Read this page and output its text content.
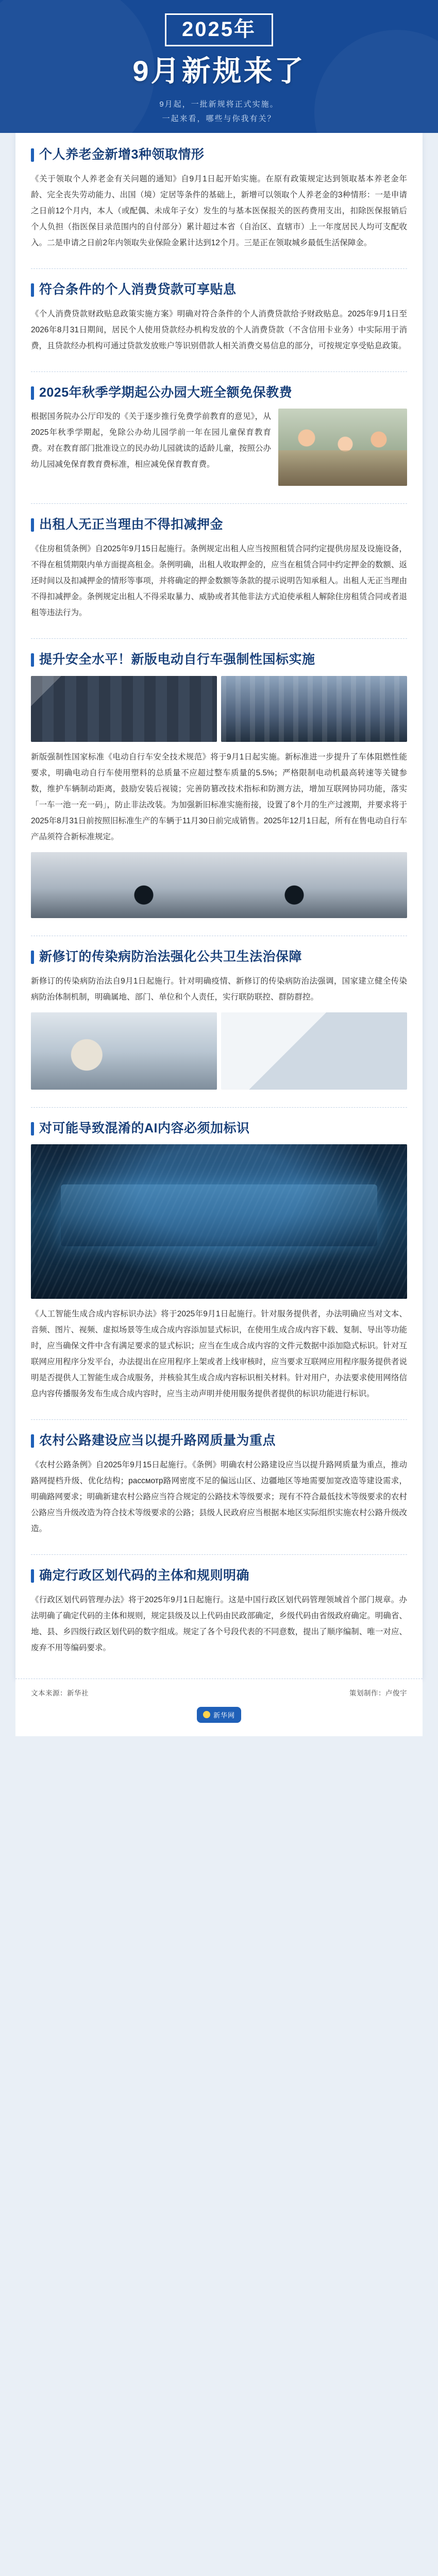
2025年
9月新规来了
9月起，一批新规将正式实施。
一起来看，哪些与你我有关？
个人养老金新增3种领取情形

《关于领取个人养老金有关问题的通知》自9月1日起开始实施。在原有政策规定达到领取基本养老金年龄、完全丧失劳动能力、出国（境）定居等条件的基础上，新增可以领取个人养老金的3种情形：一是申请之日前12个月内，本人（或配偶、未成年子女）发生的与基本医保报关的医药费用支出，扣除医保报销后个人负担（指医保目录范围内的自付部分）累计超过本省（自治区、直辖市）上一年度居民人均可支配收入。二是申请之日前2年内领取失业保险金累计达到12个月。三是正在领取城乡最低生活保障金。

符合条件的个人消费贷款可享贴息

《个人消费贷款财政贴息政策实施方案》明确对符合条件的个人消费贷款给予财政贴息。2025年9月1日至2026年8月31日期间，居民个人使用贷款经办机构发放的个人消费贷款（不含信用卡业务）中实际用于消费，且贷款经办机构可通过贷款发放账户等识别借款人相关消费交易信息的部分，可按规定享受贴息政策。

2025年秋季学期起公办园大班全额免保教费

根据国务院办公厅印发的《关于逐步推行免费学前教育的意见》，从2025年秋季学期起，免除公办幼儿园学前一年在园儿童保育教育费。对在教育部门批准设立的民办幼儿园就读的适龄儿童，按照公办幼儿园减免保育教育费标准，相应减免保育教育费。

出租人无正当理由不得扣减押金

《住房租赁条例》自2025年9月15日起施行。条例规定出租人应当按照租赁合同约定提供房屋及设施设备，不得在租赁期限内单方面提高租金。条例明确，出租人收取押金的，应当在租赁合同中约定押金的数额、返还时间以及扣减押金的情形等事项，并将确定的押金数额等条款的提示说明告知承租人。出租人无正当理由不得扣减押金。条例规定出租人不得采取暴力、威胁或者其他非法方式迫使承租人解除住房租赁合同或者退租等违法行为。

提升安全水平！新版电动自行车强制性国标实施

新版强制性国家标准《电动自行车安全技术规范》将于9月1日起实施。新标准进一步提升了车体阻燃性能要求，明确电动自行车使用塑料的总质量不应超过整车质量的5.5%；严格限制电动机最高转速等关键参数，维护车辆制动距离，鼓励安装后视镜；完善防篡改技术指标和防测方法，增加互联网协同功能，落实「一车一池一充一码」，防止非法改装。为加强新旧标准实施衔接，设置了8个月的生产过渡期，并要求将于2025年8月31日前按照旧标准生产的车辆于11月30日前完成销售。2025年12月1日起，所有在售电动自行车产品须符合新标准规定。

新修订的传染病防治法强化公共卫生法治保障

新修订的传染病防治法自9月1日起施行。针对明确疫情、新修订的传染病防治法强调，国家建立健全传染病防治体制机制，明确属地、部门、单位和个人责任，实行联防联控、群防群控。

对可能导致混淆的AI内容必须加标识

《人工智能生成合成内容标识办法》将于2025年9月1日起施行。针对服务提供者，办法明确应当对文本、音频、图片、视频、虚拟场景等生成合成内容添加显式标识，在使用生成合成内容下载、复制、导出等功能时，应当确保文件中含有满足要求的显式标识；应当在生成合成内容的文件元数据中添加隐式标识。针对互联网应用程序分发平台，办法提出在应用程序上架或者上线审核时，应当要求互联网应用程序服务提供者说明是否提供人工智能生成合成服务，并核验其生成合成内容标识相关材料。针对用户，办法要求使用网络信息内容传播服务发布生成合成内容时，应当主动声明并使用服务提供者提供的标识功能进行标识。

农村公路建设应当以提升路网质量为重点

《农村公路条例》自2025年9月15日起施行。《条例》明确农村公路建设应当以提升路网质量为重点，推动路网提档升级、优化结构；рассмотр路网密度不足的偏远山区、边疆地区等地需要加宽改造等建设需求，明确路网要求；明确新建农村公路应当符合规定的公路技术等级要求；现有不符合最低技术等级要求的农村公路应当升级改造为符合技术等级要求的公路；县级人民政府应当根据本地区实际组织实施农村公路升级改造。

确定行政区划代码的主体和规则明确

《行政区划代码管理办法》将于2025年9月1日起施行。这是中国行政区划代码管理领域首个部门规章。办法明确了确定代码的主体和规则，规定县级及以上代码由民政部确定，乡级代码由省级政府确定。明确省、地、县、乡四级行政区划代码的数字组成。规定了各个号段代表的不同意数，提出了顺序编制、唯一对应、废弃不用等编码要求。

文本来源：新华社	策划制作：卢俊宇
新华网
